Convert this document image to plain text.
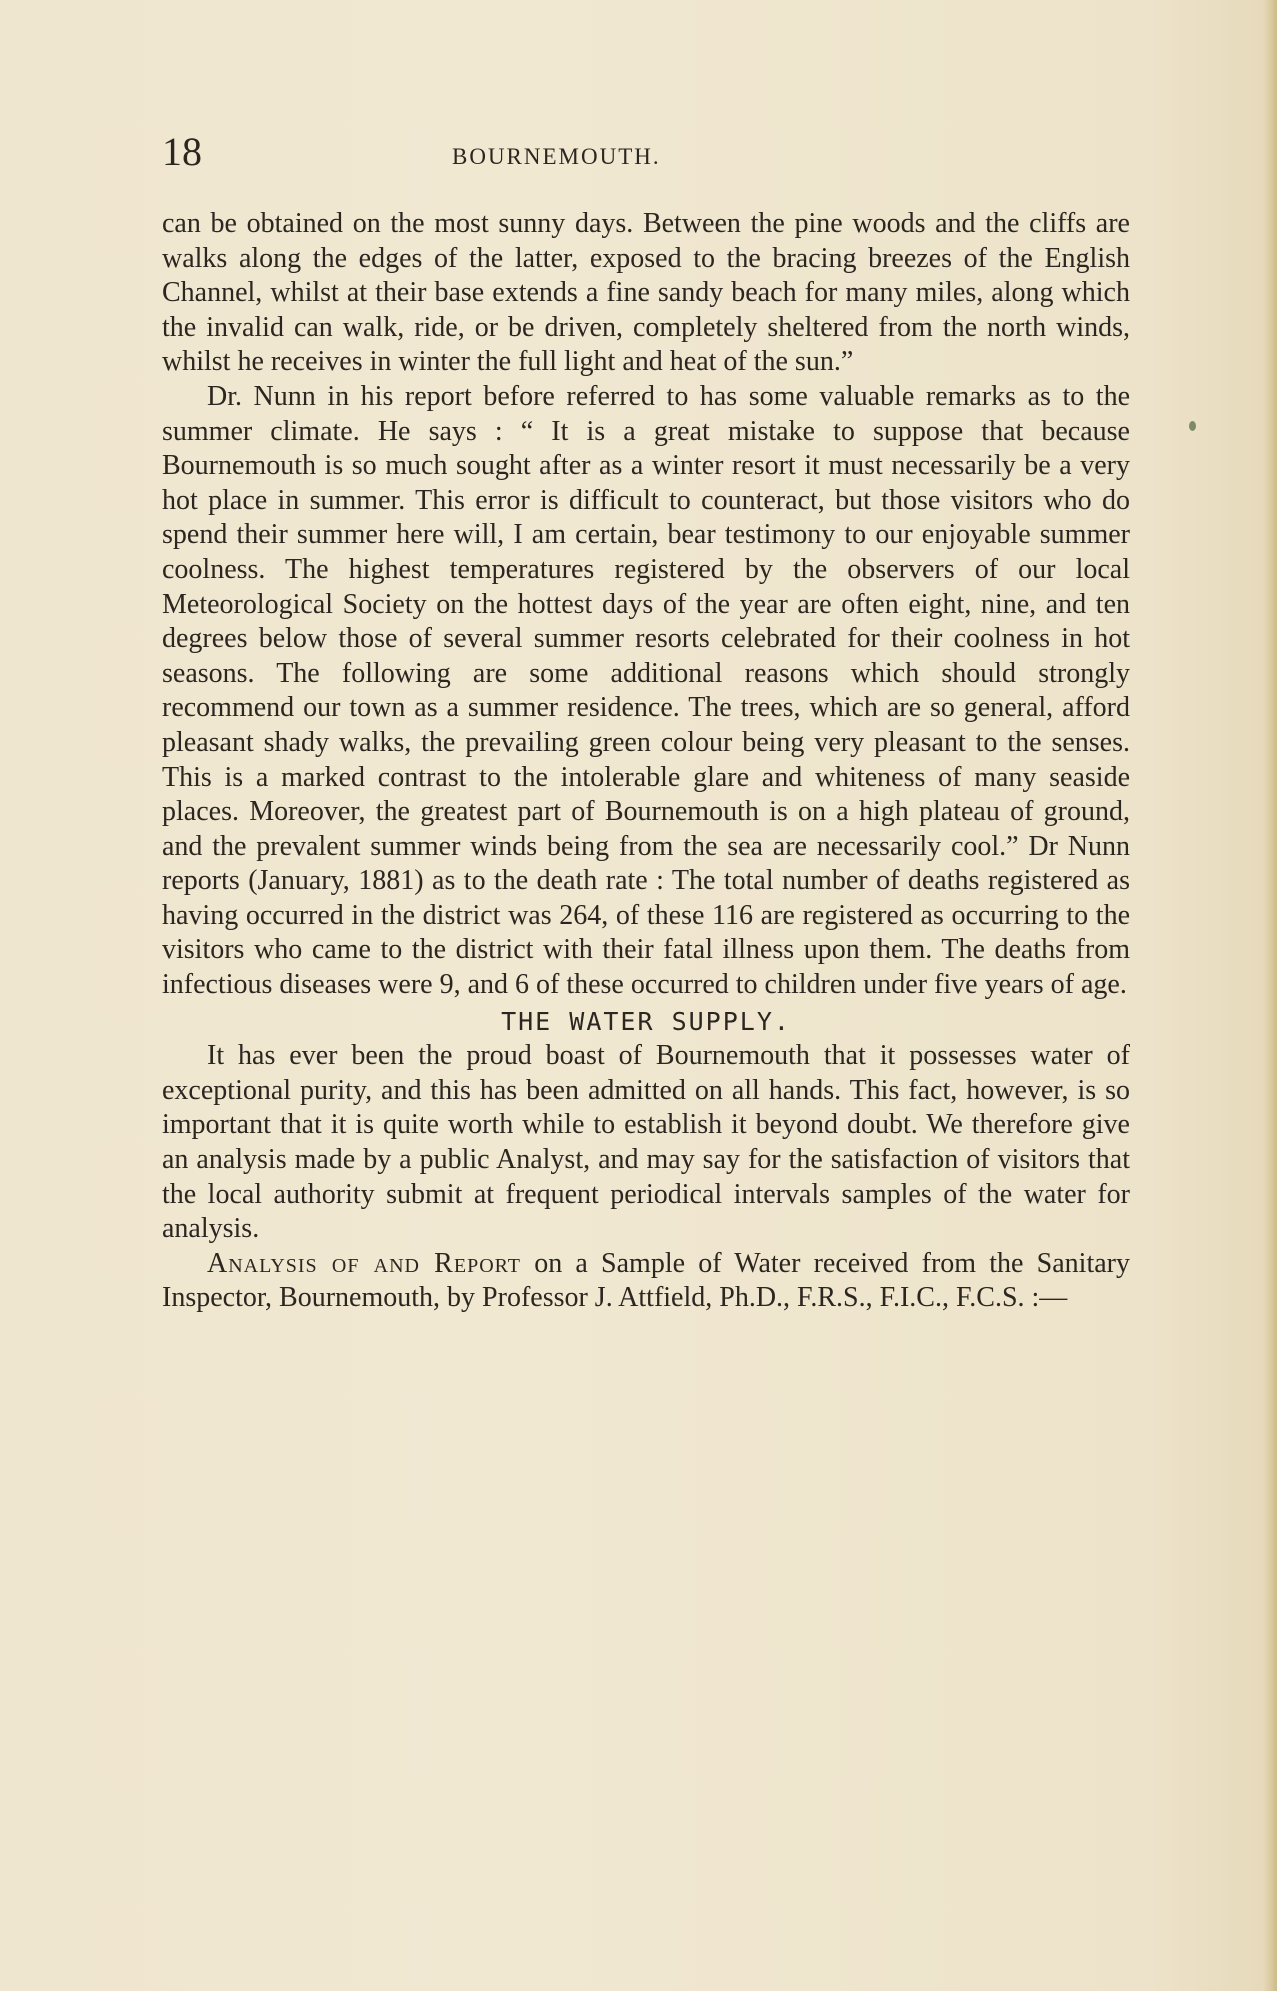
18	BOURNEMOUTH.

can be obtained on the most sunny days. Between the pine woods and the cliffs are walks along the edges of the latter, exposed to the bracing breezes of the English Channel, whilst at their base extends a fine sandy beach for many miles, along which the invalid can walk, ride, or be driven, completely sheltered from the north winds, whilst he receives in winter the full light and heat of the sun.”

Dr. Nunn in his report before referred to has some valuable remarks as to the summer climate. He says : “ It is a great mistake to suppose that because Bournemouth is so much sought after as a winter resort it must necessarily be a very hot place in summer. This error is difficult to counteract, but those visitors who do spend their summer here will, I am certain, bear testimony to our enjoyable summer coolness. The highest temperatures registered by the observers of our local Meteorological Society on the hottest days of the year are often eight, nine, and ten degrees below those of several summer resorts celebrated for their coolness in hot seasons. The following are some additional reasons which should strongly recommend our town as a summer residence. The trees, which are so general, afford pleasant shady walks, the prevailing green colour being very pleasant to the senses. This is a marked contrast to the intolerable glare and whiteness of many seaside places. Moreover, the greatest part of Bournemouth is on a high plateau of ground, and the prevalent summer winds being from the sea are necessarily cool.” Dr Nunn reports (January, 1881) as to the death rate : The total number of deaths registered as having occurred in the district was 264, of these 116 are registered as occurring to the visitors who came to the district with their fatal illness upon them. The deaths from infectious diseases were 9, and 6 of these occurred to children under five years of age.

THE WATER SUPPLY.

It has ever been the proud boast of Bournemouth that it possesses water of exceptional purity, and this has been admitted on all hands. This fact, however, is so important that it is quite worth while to establish it beyond doubt. We therefore give an analysis made by a public Analyst, and may say for the satisfaction of visitors that the local authority submit at frequent periodical intervals samples of the water for analysis.

Analysis of and Report on a Sample of Water received from the Sanitary Inspector, Bournemouth, by Professor J. Attfield, Ph.D., F.R.S., F.I.C., F.C.S. :—
